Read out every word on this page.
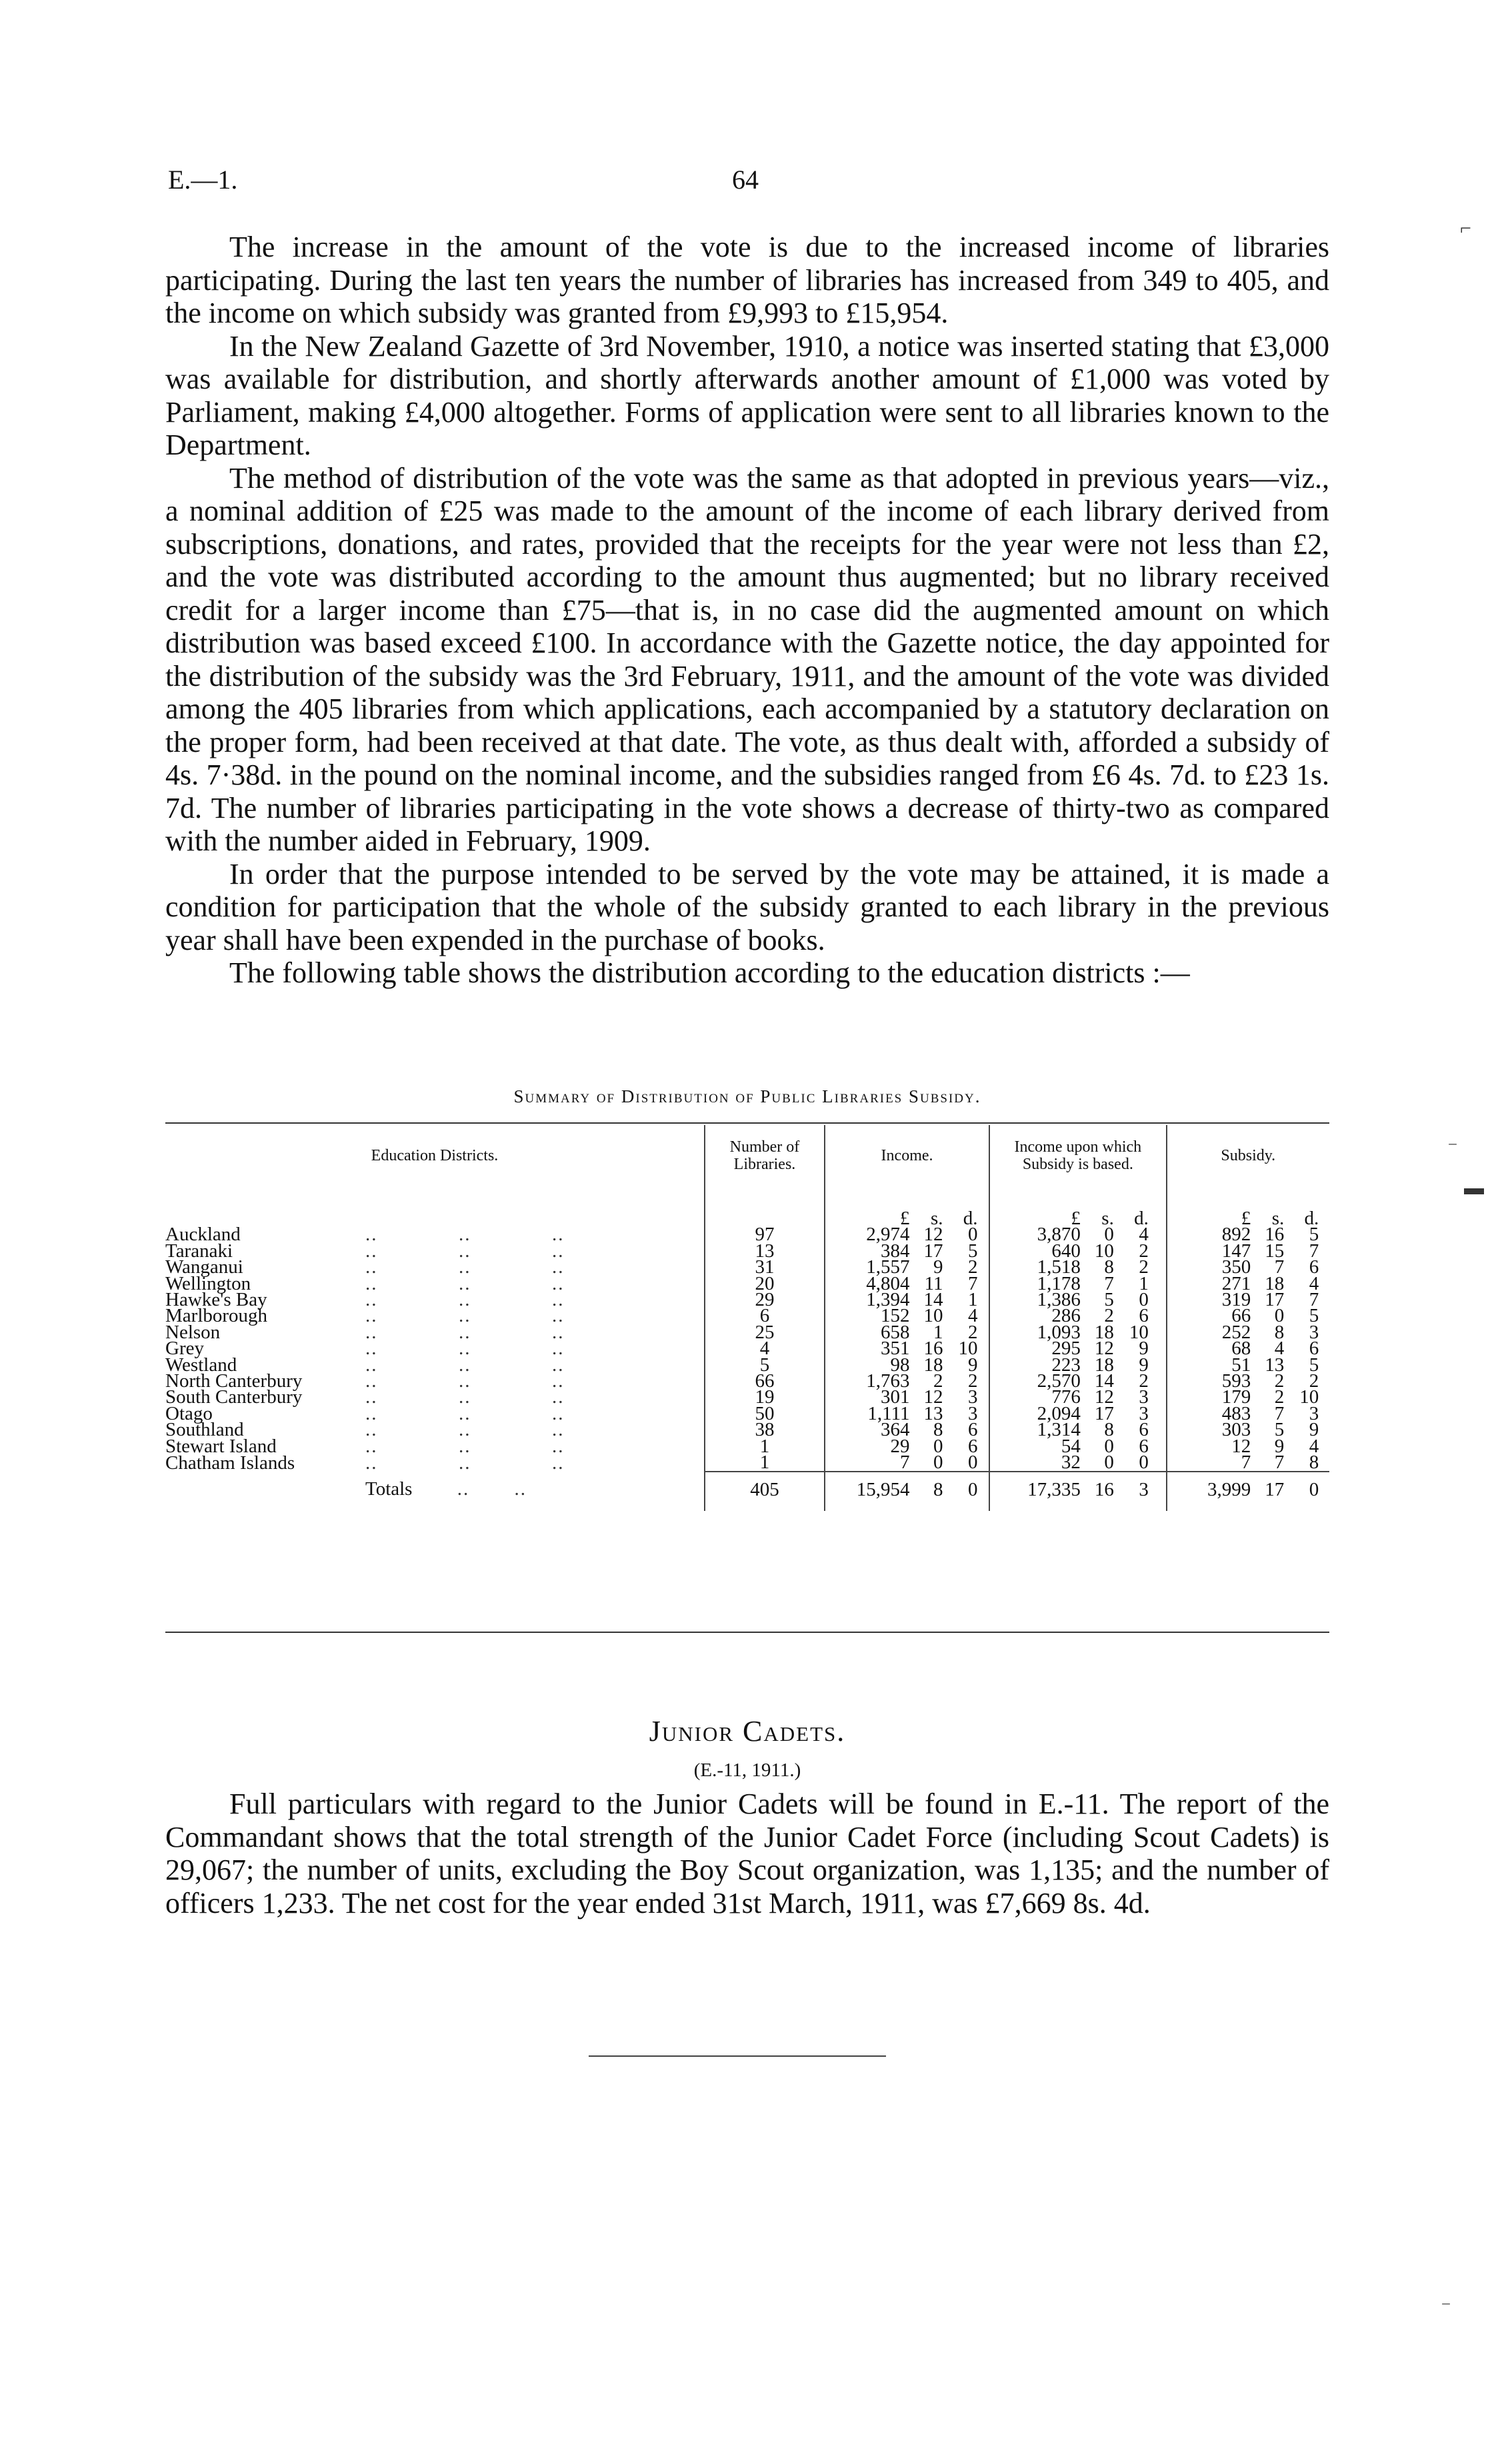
E.—1.	64

The increase in the amount of the vote is due to the increased income of libraries participating. During the last ten years the number of libraries has increased from 349 to 405, and the income on which subsidy was granted from £9,993 to £15,954.

In the New Zealand Gazette of 3rd November, 1910, a notice was inserted stating that £3,000 was available for distribution, and shortly afterwards another amount of £1,000 was voted by Parliament, making £4,000 altogether. Forms of application were sent to all libraries known to the Department.

The method of distribution of the vote was the same as that adopted in previous years—viz., a nominal addition of £25 was made to the amount of the income of each library derived from subscriptions, donations, and rates, provided that the receipts for the year were not less than £2, and the vote was distributed according to the amount thus augmented; but no library received credit for a larger income than £75—that is, in no case did the augmented amount on which distribution was based exceed £100. In accordance with the Gazette notice, the day appointed for the distribution of the subsidy was the 3rd February, 1911, and the amount of the vote was divided among the 405 libraries from which applications, each accompanied by a statutory declaration on the proper form, had been received at that date. The vote, as thus dealt with, afforded a subsidy of 4s. 7·38d. in the pound on the nominal income, and the subsidies ranged from £6 4s. 7d. to £23 1s. 7d. The number of libraries participating in the vote shows a decrease of thirty-two as compared with the number aided in February, 1909.

In order that the purpose intended to be served by the vote may be attained, it is made a condition for participation that the whole of the subsidy granted to each library in the previous year shall have been expended in the purchase of books.

The following table shows the distribution according to the education districts :—

Summary of Distribution of Public Libraries Subsidy.
Education Districts.	Number of Libraries.	Income.	Income upon which Subsidy is based.	Subsidy.
		£ s. d.	£ s. d.	£ s. d.
Auckland .. .. ..	97	2,974 12 0	3,870 0 4	892 16 5
Taranaki .. .. ..	13	384 17 5	640 10 2	147 15 7
Wanganui .. .. ..	31	1,557 9 2	1,518 8 2	350 7 6
Wellington .. .. ..	20	4,804 11 7	1,178 7 1	271 18 4
Hawke's Bay .. .. ..	29	1,394 14 1	1,386 5 0	319 17 7
Marlborough .. .. ..	6	152 10 4	286 2 6	66 0 5
Nelson .. .. ..	25	658 1 2	1,093 18 10	252 8 3
Grey .. .. ..	4	351 16 10	295 12 9	68 4 6
Westland .. .. ..	5	98 18 9	223 18 9	51 13 5
North Canterbury .. .. ..	66	1,763 2 2	2,570 14 2	593 2 2
South Canterbury .. .. ..	19	301 12 3	776 12 3	179 2 10
Otago .. .. ..	50	1,111 13 3	2,094 17 3	483 7 3
Southland .. .. ..	38	364 8 6	1,314 8 6	303 5 9
Stewart Island .. .. ..	1	29 0 6	54 0 6	12 9 4
Chatham Islands .. .. ..	1	7 0 0	32 0 0	7 7 8
Totals .. ..	405	15,954 8 0	17,335 16 3	3,999 17 0
Junior Cadets.
(E.-11, 1911.)

Full particulars with regard to the Junior Cadets will be found in E.-11. The report of the Commandant shows that the total strength of the Junior Cadet Force (including Scout Cadets) is 29,067; the number of units, excluding the Boy Scout organization, was 1,135; and the number of officers 1,233. The net cost for the year ended 31st March, 1911, was £7,669 8s. 4d.

⌐
‾
▬
‾
